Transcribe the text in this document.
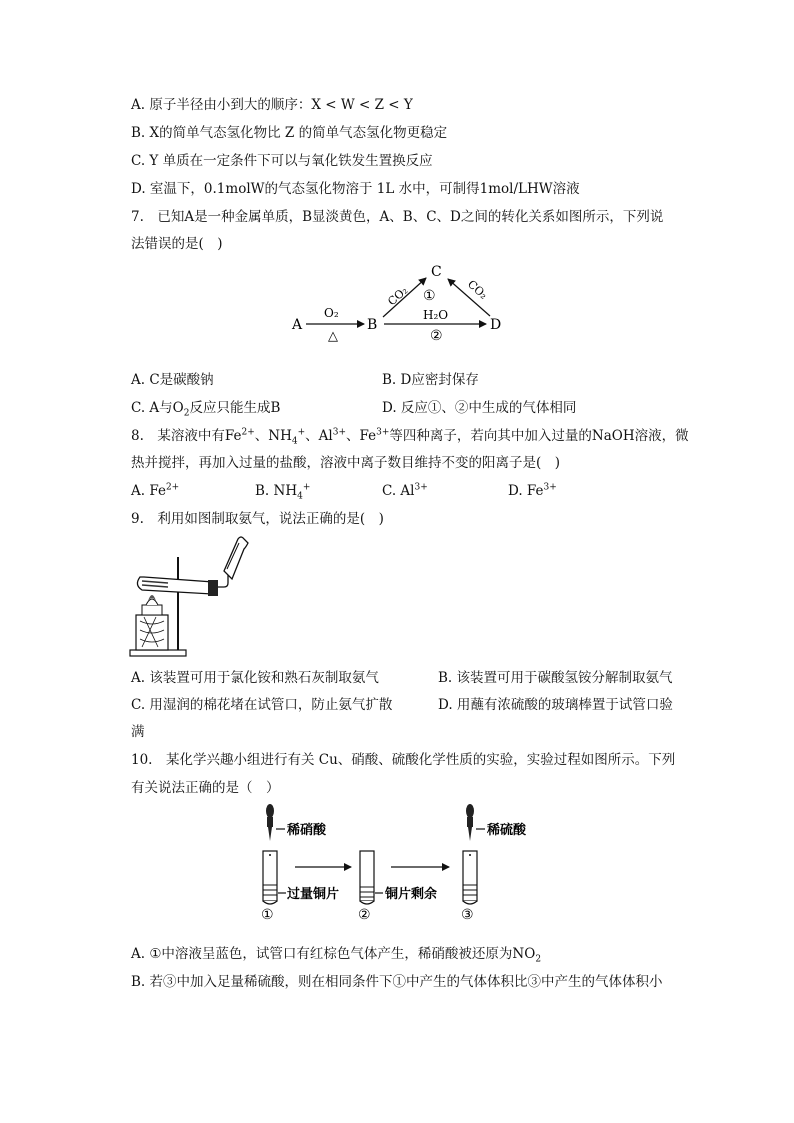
A. 原子半径由小到大的顺序：X < W < Z < Y
B. X的简单气态氢化物比 Z 的简单气态氢化物更稳定
C. Y 单质在一定条件下可以与氧化铁发生置换反应
D. 室温下，0.1molW的气态氢化物溶于 1L 水中，可制得1mol/LHW溶液
7.　已知A是一种金属单质，B显淡黄色，A、B、C、D之间的转化关系如图所示，下列说
法错误的是(　)
A
O₂
△
B
C
D
CO₂	CO₂
①
H₂O
②
A. C是碳酸钠	B. D应密封保存
C. A与$O_2$反应只能生成B	D. 反应①、②中生成的气体相同
8.　某溶液中有$Fe^{2+}$、$NH_4^+$、$Al^{3+}$、$Fe^{3+}$等四种离子，若向其中加入过量的NaOH溶液，微
热并搅拌，再加入过量的盐酸，溶液中离子数目维持不变的阳离子是(　)
A. $Fe^{2+}$	B. $NH_4^+$	C. $Al^{3+}$	D. $Fe^{3+}$
9.　利用如图制取氨气，说法正确的是(　)
A. 该装置可用于氯化铵和熟石灰制取氨气	B. 该装置可用于碳酸氢铵分解制取氨气
C. 用湿润的棉花堵在试管口，防止氨气扩散	D. 用蘸有浓硫酸的玻璃棒置于试管口验
满
10.　某化学兴趣小组进行有关 Cu、硝酸、硫酸化学性质的实验，实验过程如图所示。下列
有关说法正确的是（　）
稀硝酸
过量铜片
①
铜片剩余
②
稀硫酸
③
A. ①中溶液呈蓝色，试管口有红棕色气体产生，稀硝酸被还原为$NO_2$
B. 若③中加入足量稀硫酸，则在相同条件下①中产生的气体体积比③中产生的气体体积小
